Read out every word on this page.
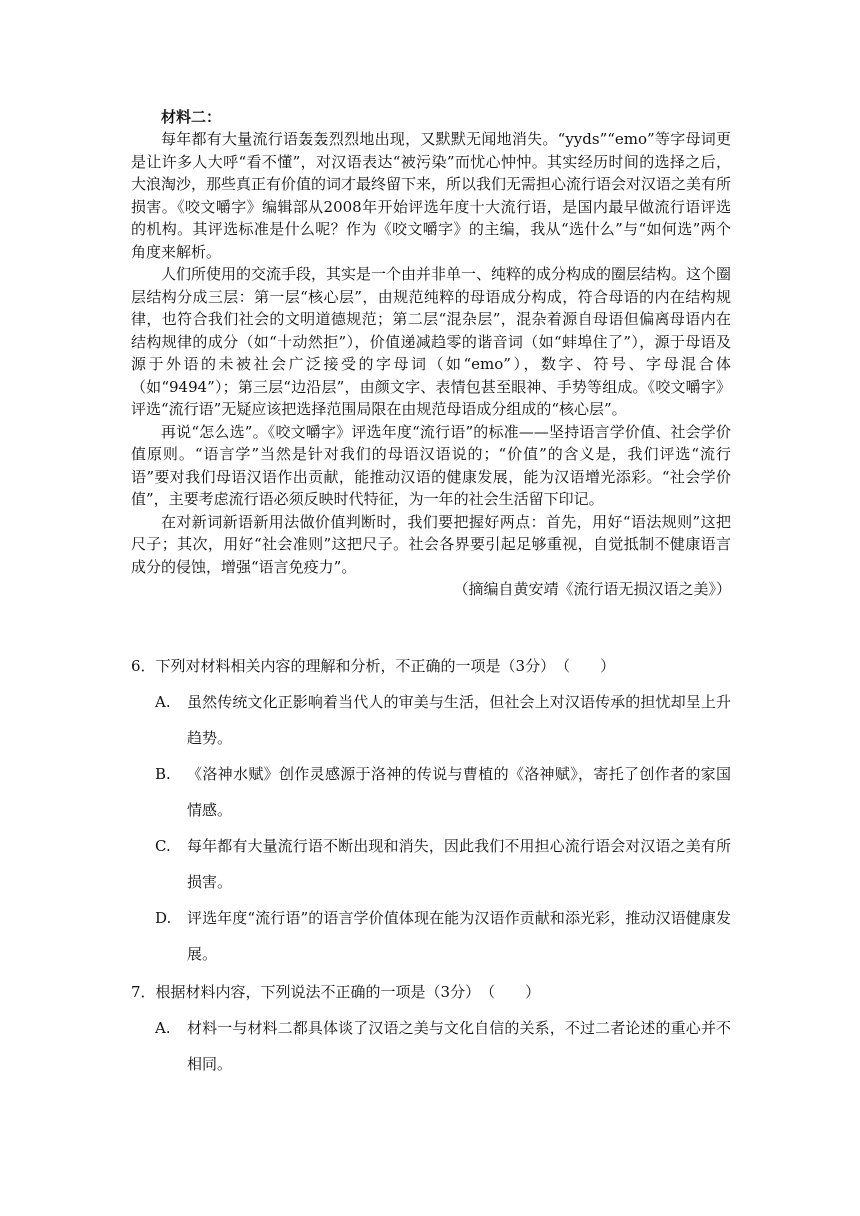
材料二：

每年都有大量流行语轰轰烈烈地出现，又默默无闻地消失。“yyds”“emo”等字母词更是让许多人大呼“看不懂”，对汉语表达“被污染”而忧心忡忡。其实经历时间的选择之后，大浪淘沙，那些真正有价值的词才最终留下来，所以我们无需担心流行语会对汉语之美有所损害。《咬文嚼字》编辑部从2008年开始评选年度十大流行语，是国内最早做流行语评选的机构。其评选标准是什么呢？作为《咬文嚼字》的主编，我从“选什么”与“如何选”两个角度来解析。

人们所使用的交流手段，其实是一个由并非单一、纯粹的成分构成的圈层结构。这个圈层结构分成三层：第一层“核心层”，由规范纯粹的母语成分构成，符合母语的内在结构规律，也符合我们社会的文明道德规范；第二层“混杂层”，混杂着源自母语但偏离母语内在结构规律的成分（如“十动然拒”），价值递减趋零的谐音词（如“蚌埠住了”），源于母语及源于外语的未被社会广泛接受的字母词（如“emo”），数字、符号、字母混合体（如“9494”）；第三层“边沿层”，由颜文字、表情包甚至眼神、手势等组成。《咬文嚼字》评选“流行语”无疑应该把选择范围局限在由规范母语成分组成的“核心层”。

再说“怎么选”。《咬文嚼字》评选年度“流行语”的标准——坚持语言学价值、社会学价值原则。“语言学”当然是针对我们的母语汉语说的；“价值”的含义是，我们评选“流行语”要对我们母语汉语作出贡献，能推动汉语的健康发展，能为汉语增光添彩。“社会学价值”，主要考虑流行语必须反映时代特征，为一年的社会生活留下印记。

在对新词新语新用法做价值判断时，我们要把握好两点：首先，用好“语法规则”这把尺子；其次，用好“社会准则”这把尺子。社会各界要引起足够重视，自觉抵制不健康语言成分的侵蚀，增强“语言免疫力”。

（摘编自黄安靖《流行语无损汉语之美》）

6．下列对材料相关内容的理解和分析，不正确的一项是（3分）（　　）

A.	虽然传统文化正影响着当代人的审美与生活，但社会上对汉语传承的担忧却呈上升趋势。
B.	《洛神水赋》创作灵感源于洛神的传说与曹植的《洛神赋》，寄托了创作者的家国情感。
C.	每年都有大量流行语不断出现和消失，因此我们不用担心流行语会对汉语之美有所损害。
D.	评选年度“流行语”的语言学价值体现在能为汉语作贡献和添光彩，推动汉语健康发展。

7．根据材料内容，下列说法不正确的一项是（3分）（　　）

A.	材料一与材料二都具体谈了汉语之美与文化自信的关系，不过二者论述的重心并不相同。
